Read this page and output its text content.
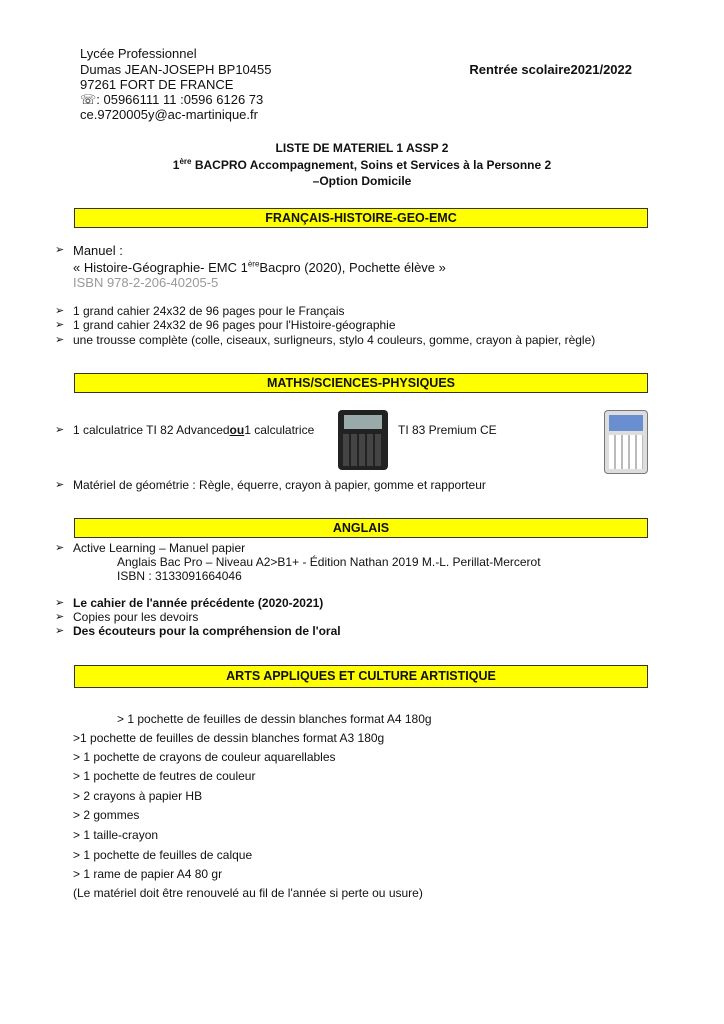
Lycée Professionnel
Dumas JEAN-JOSEPH BP10455
97261 FORT DE FRANCE
☏: 05966111 11 :0596 6126 73
ce.9720005y@ac-martinique.fr
Rentrée scolaire2021/2022
LISTE DE MATERIEL 1 ASSP 2
1ère BACPRO Accompagnement, Soins et Services à la Personne 2
–Option Domicile
FRANÇAIS-HISTOIRE-GEO-EMC
➢ Manuel :
« Histoire-Géographie- EMC 1èreBacpro (2020), Pochette élève »
ISBN 978-2-206-40205-5
➢ 1 grand cahier 24x32 de 96 pages pour le Français
➢ 1 grand cahier 24x32 de 96 pages pour l'Histoire-géographie
➢ une trousse complète (colle, ciseaux, surligneurs, stylo 4 couleurs, gomme, crayon à papier, règle)
MATHS/SCIENCES-PHYSIQUES
➢ 1 calculatrice TI 82 Advancedou1 calculatrice	TI 83 Premium CE
➢ Matériel de géométrie : Règle, équerre, crayon à papier, gomme et rapporteur
ANGLAIS
➢ Active Learning – Manuel papier
Anglais Bac Pro – Niveau A2>B1+ - Édition Nathan 2019 M.-L. Perillat-Mercerot
ISBN : 3133091664046
➢ Le cahier de l'année précédente (2020-2021)
➢ Copies pour les devoirs
➢ Des écouteurs pour la compréhension de l'oral
ARTS APPLIQUES ET CULTURE ARTISTIQUE
> 1 pochette de feuilles de dessin blanches format A4 180g
>1 pochette de feuilles de dessin blanches format A3 180g
> 1 pochette de crayons de couleur aquarellables
> 1 pochette de feutres de couleur
> 2 crayons à papier HB
> 2 gommes
> 1 taille-crayon
> 1 pochette de feuilles de calque
> 1 rame de papier A4 80 gr
(Le matériel doit être renouvelé au fil de l'année si perte ou usure)
